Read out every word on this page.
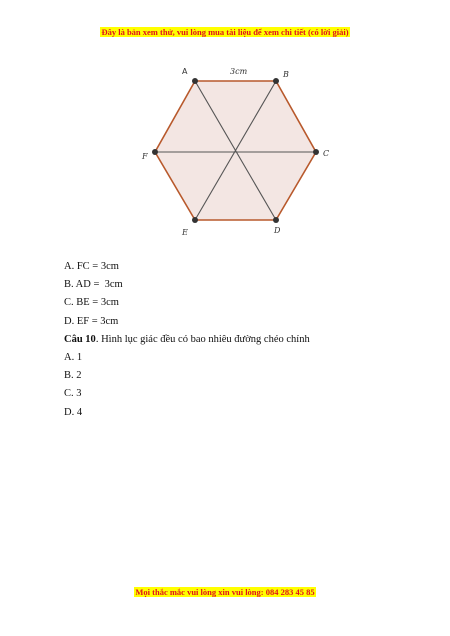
Đây là bản xem thử, vui lòng mua tài liệu để xem chi tiết (có lời giải)
A	B
C
D
E
F
3cm
A. FC = 3cm
B. AD =  3cm
C. BE = 3cm
D. EF = 3cm
Câu 10. Hình lục giác đều có bao nhiêu đường chéo chính
A. 1
B. 2
C. 3
D. 4
Mọi thắc mắc vui lòng xin vui lòng: 084 283 45 85
